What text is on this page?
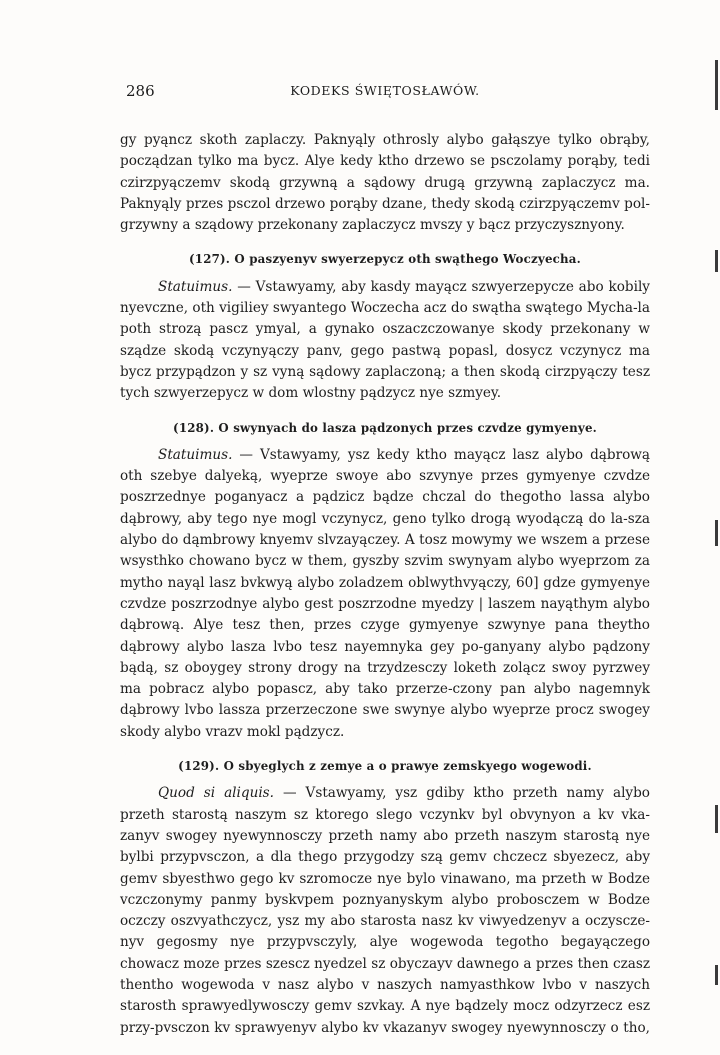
286	KODEKS ŚWIĘTOSŁAWÓW.

gy pyąncz skoth zaplaczy. Paknyąly othrosly alybo gałąszye tylko obrąby, począdzan tylko ma bycz. Alye kedy ktho drzewo se psczolamy porąby, tedi czirzpyączemv skodą grzywną a sądowy drugą grzywną zaplaczycz ma. Paknyąly przes psczol drzewo porąby dzane, thedy skodą czirzpyączemv pol-grzywny a sządowy przekonany zaplaczycz mvszy y bącz przyczysznyony.

(127). O paszyenyv swyerzepycz oth swąthego Woczyecha.

Statuimus. — Vstawyamy, aby kasdy mayącz szwyerzepycze abo kobily nyevczne, oth vigiliey swyantego Woczecha acz do swątha swątego Mycha-la poth strozą pascz ymyal, a gynako oszaczczowanye skody przekonany w sządze skodą vczynyączy panv, gego pastwą popasl, dosycz vczynycz ma bycz przypądzon y sz vyną sądowy zaplaczoną; a then skodą cirzpyączy tesz tych szwyerzepycz w dom wlostny pądzycz nye szmyey.

(128). O swynyach do lasza pądzonych przes czvdze gymyenye.

Statuimus. — Vstawyamy, ysz kedy ktho mayącz lasz alybo dąbrową oth szebye dalyeką, wyeprze swoye abo szvynye przes gymyenye czvdze poszrzednye poganyacz a pądzicz bądze chczal do thegotho lassa alybo dąbrowy, aby tego nye mogl vczynycz, geno tylko drogą wyodączą do la-sza alybo do dąmbrowy knyemv slvzayączey. A tosz mowymy we wszem a przese wsysthko chowano bycz w them, gyszby szvim swynyam alybo wyeprzom za mytho nayąl lasz bvkwyą alybo zoladzem oblwythvyączy, 60] gdze gymyenye czvdze poszrzodnye alybo gest poszrzodne myedzy | laszem nayąthym alybo dąbrową. Alye tesz then, przes czyge gymyenye szwynye pana theytho dąbrowy alybo lasza lvbo tesz nayemnyka gey po-ganyany alybo pądzony bądą, sz oboygey strony drogy na trzydzesczy loketh zolącz swoy pyrzwey ma pobracz alybo popascz, aby tako przerze-czony pan alybo nagemnyk dąbrowy lvbo lassza przerzeczone swe swynye alybo wyeprze procz swogey skody alybo vrazv mokl pądzycz.

(129). O sbyeglych z zemye a o prawye zemskyego wogewodi.

Quod si aliquis. — Vstawyamy, ysz gdiby ktho przeth namy alybo przeth starostą naszym sz ktorego slego vczynkv byl obvynyon a kv vka-zanyv swogey nyewynnosczy przeth namy abo przeth naszym starostą nye bylbi przypvsczon, a dla thego przygodzy szą gemv chczecz sbyezecz, aby gemv sbyesthwo gego kv szromocze nye bylo vinawano, ma przeth w Bodze vczczonymy panmy byskvpem poznyanyskym alybo probosczem w Bodze oczczy oszvyathczycz, ysz my abo starosta nasz kv viwyedzenyv a oczyscze-nyv gegosmy nye przypvsczyly, alye wogewoda tegotho begayączego chowacz moze przes szescz nyedzel sz obyczayv dawnego a przes then czasz thentho wogewoda v nasz alybo v naszych namyasthkow lvbo v naszych starosth sprawyedlywosczy gemv szvkay. A nye bądzely mocz odzyrzecz esz przy-pvsczon kv sprawyenyv alybo kv vkazanyv swogey nyewynnosczy o tho,
